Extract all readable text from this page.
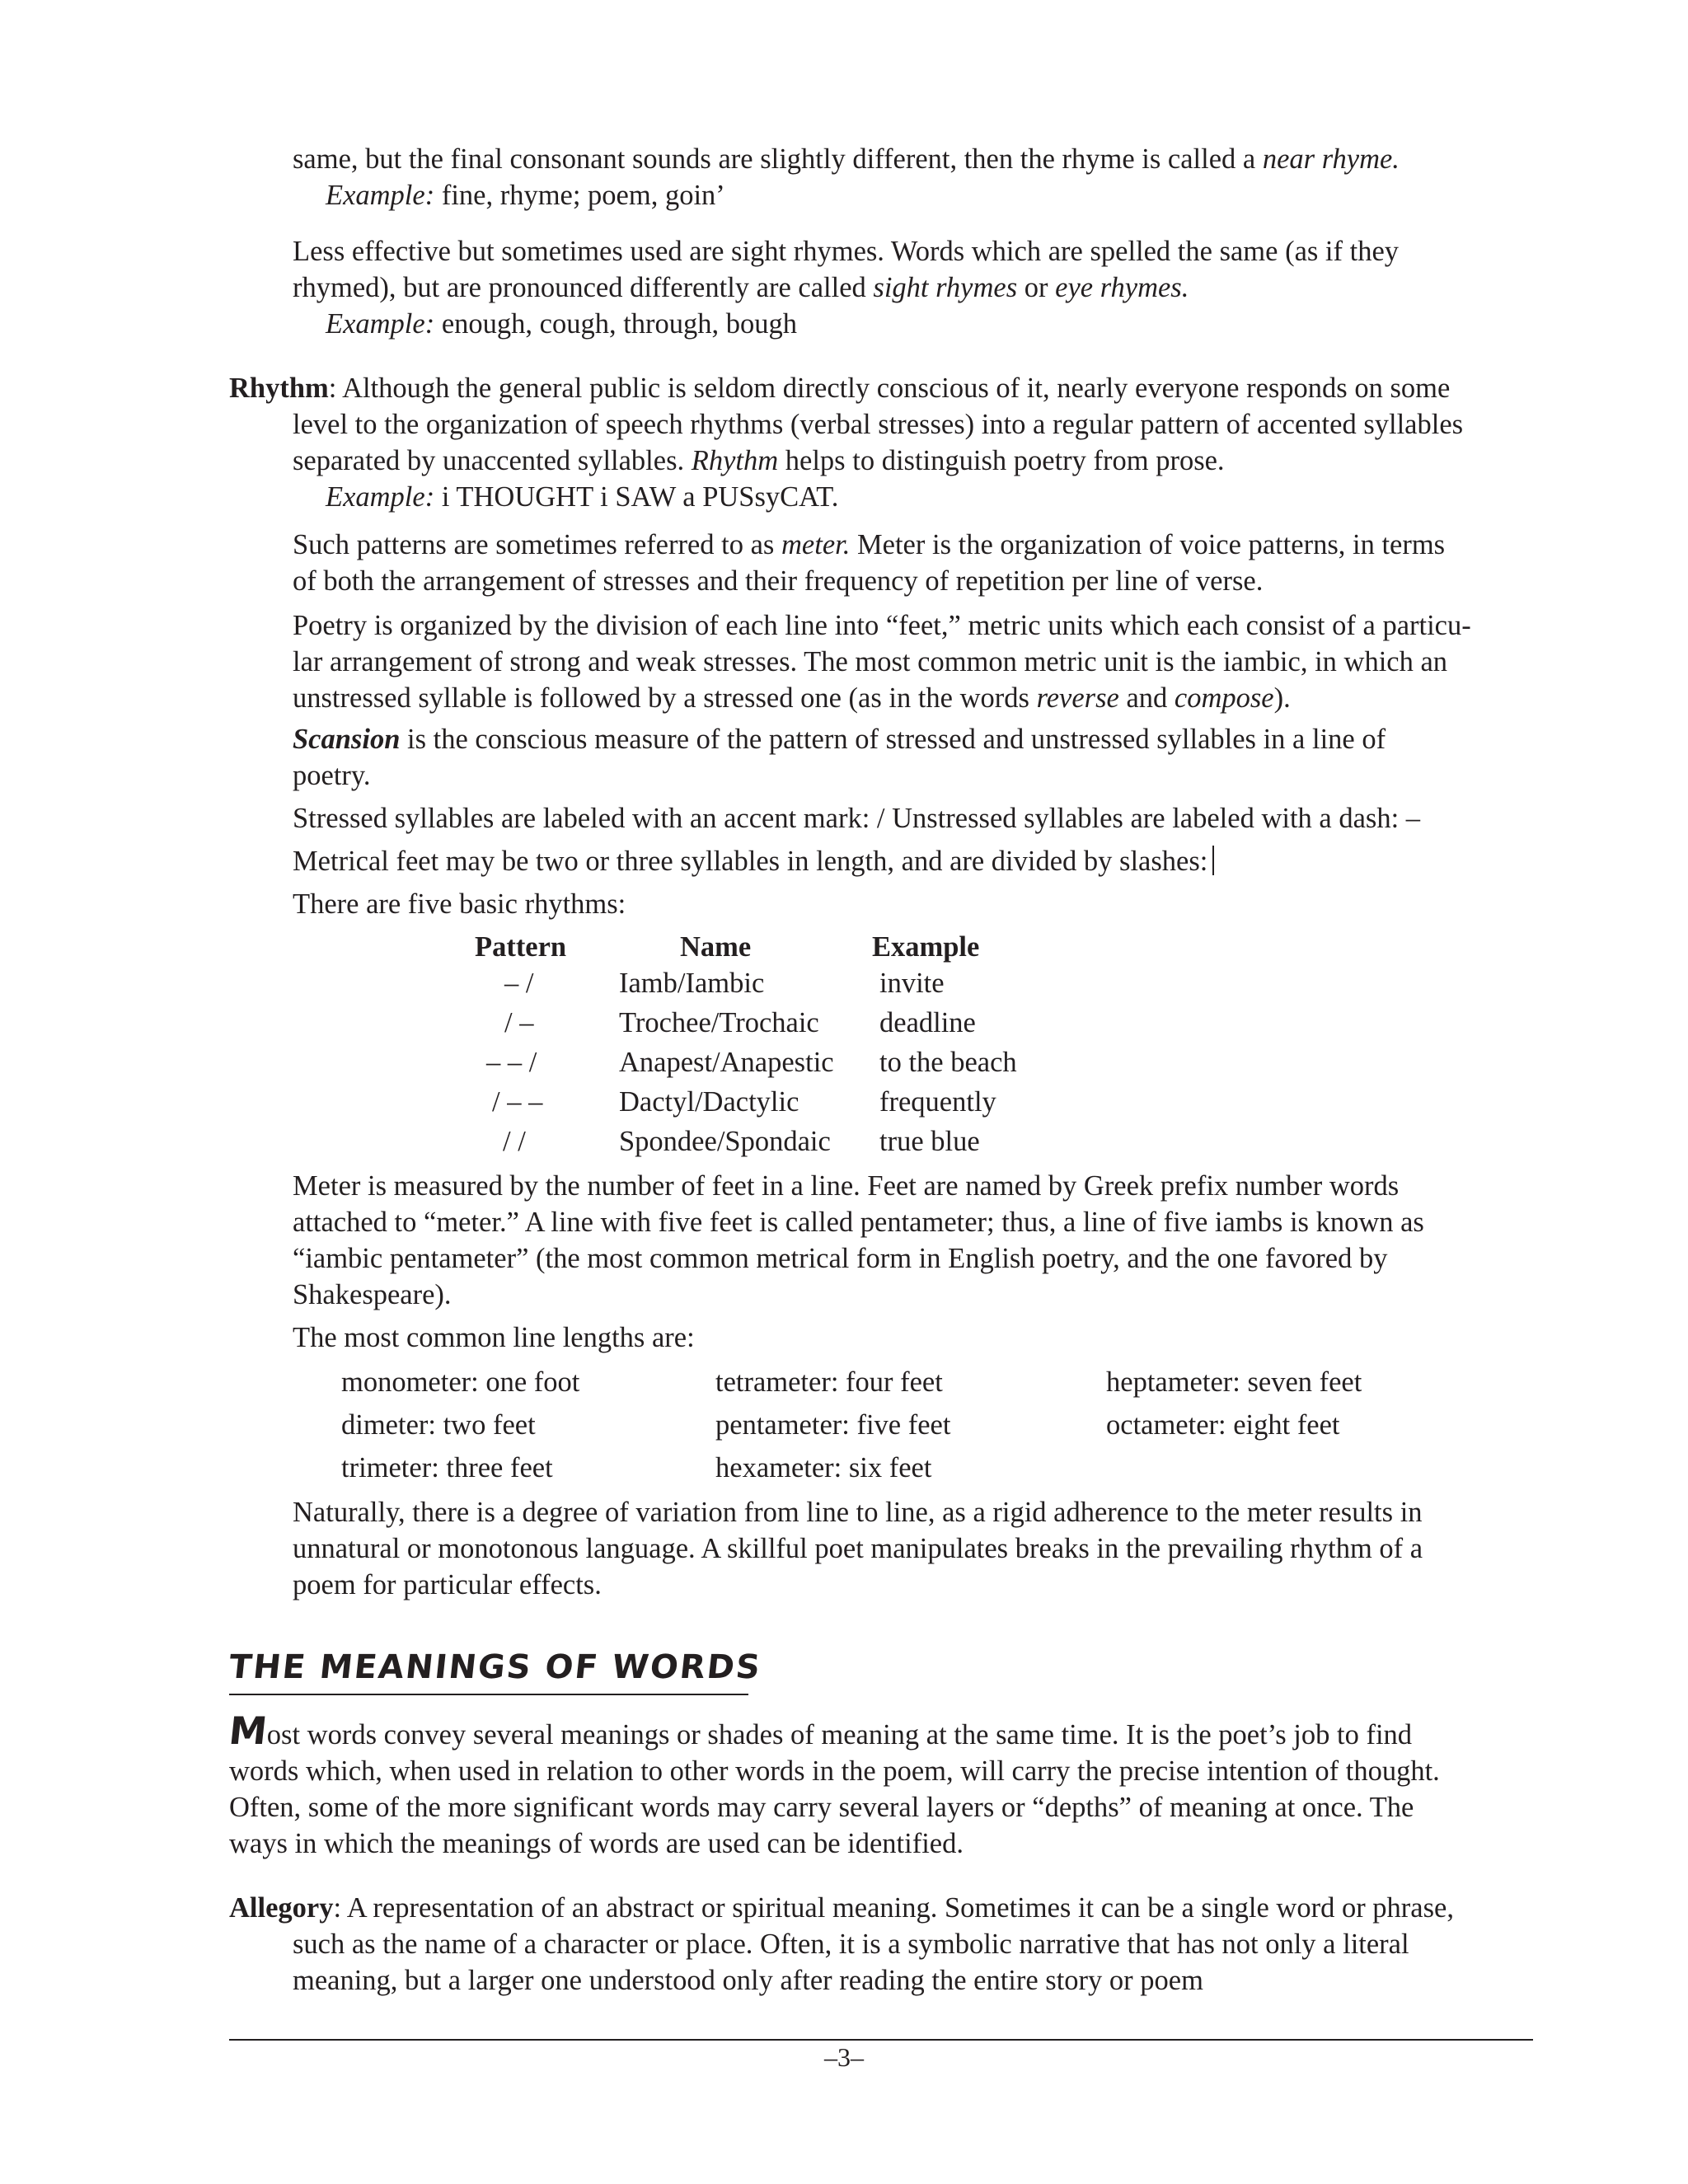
same, but the final consonant sounds are slightly different, then the rhyme is called a near rhyme.

Example: fine, rhyme; poem, goin’

Less effective but sometimes used are sight rhymes. Words which are spelled the same (as if they

rhymed), but are pronounced differently are called sight rhymes or eye rhymes.

Example: enough, cough, through, bough

Rhythm: Although the general public is seldom directly conscious of it, nearly everyone responds on some

level to the organization of speech rhythms (verbal stresses) into a regular pattern of accented syllables

separated by unaccented syllables. Rhythm helps to distinguish poetry from prose.

Example: i THOUGHT i SAW a PUSsyCAT.

Such patterns are sometimes referred to as meter. Meter is the organization of voice patterns, in terms

of both the arrangement of stresses and their frequency of repetition per line of verse.

Poetry is organized by the division of each line into “feet,” metric units which each consist of a particu-

lar arrangement of strong and weak stresses. The most common metric unit is the iambic, in which an

unstressed syllable is followed by a stressed one (as in the words reverse and compose).

Scansion is the conscious measure of the pattern of stressed and unstressed syllables in a line of

poetry.

Stressed syllables are labeled with an accent mark: / Unstressed syllables are labeled with a dash: –

Metrical feet may be two or three syllables in length, and are divided by slashes:

There are five basic rhythms:

Pattern	Name	Example
– /	Iamb/Iambic	invite
/ –	Trochee/Trochaic deadline
– – /	Anapest/Anapestic to the beach
/ – –	Dactyl/Dactylic	frequently
/ /	Spondee/Spondaic true blue

Meter is measured by the number of feet in a line. Feet are named by Greek prefix number words

attached to “meter.” A line with five feet is called pentameter; thus, a line of five iambs is known as

“iambic pentameter” (the most common metrical form in English poetry, and the one favored by

Shakespeare).

The most common line lengths are:

monometer: one foot	tetrameter: four feet	heptameter: seven feet
dimeter: two feet	pentameter: five feet	octameter: eight feet
trimeter: three feet	hexameter: six feet

Naturally, there is a degree of variation from line to line, as a rigid adherence to the meter results in

unnatural or monotonous language. A skillful poet manipulates breaks in the prevailing rhythm of a

poem for particular effects.

THE MEANINGS OF WORDS

Most words convey several meanings or shades of meaning at the same time. It is the poet’s job to find

words which, when used in relation to other words in the poem, will carry the precise intention of thought.

Often, some of the more significant words may carry several layers or “depths” of meaning at once. The

ways in which the meanings of words are used can be identified.

Allegory: A representation of an abstract or spiritual meaning. Sometimes it can be a single word or phrase,

such as the name of a character or place. Often, it is a symbolic narrative that has not only a literal

meaning, but a larger one understood only after reading the entire story or poem

–3–
